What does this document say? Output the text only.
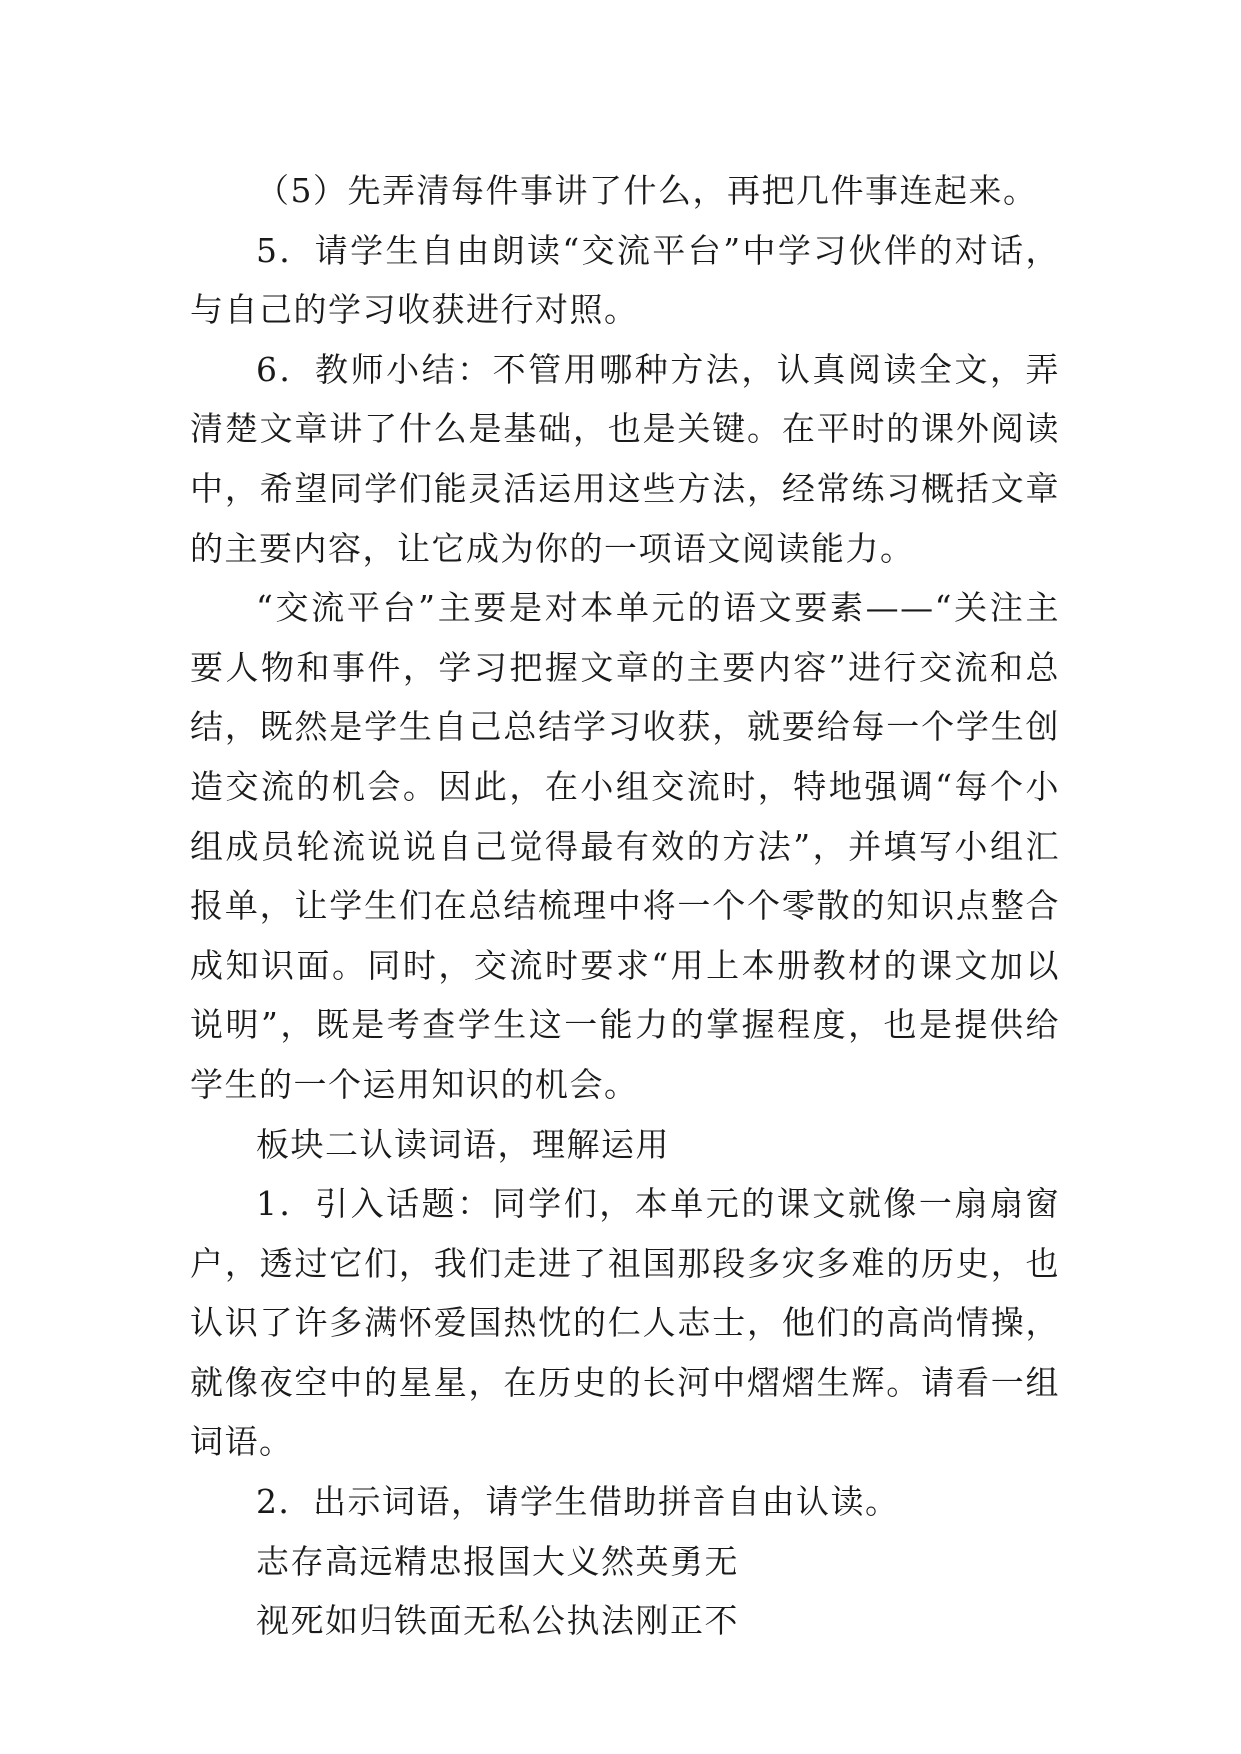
（5）先弄清每件事讲了什么，再把几件事连起来。

5．请学生自由朗读“交流平台”中学习伙伴的对话，与自己的学习收获进行对照。

6．教师小结：不管用哪种方法，认真阅读全文，弄清楚文章讲了什么是基础，也是关键。在平时的课外阅读中，希望同学们能灵活运用这些方法，经常练习概括文章的主要内容，让它成为你的一项语文阅读能力。

“交流平台”主要是对本单元的语文要素——“关注主要人物和事件，学习把握文章的主要内容”进行交流和总结，既然是学生自己总结学习收获，就要给每一个学生创造交流的机会。因此，在小组交流时，特地强调“每个小组成员轮流说说自己觉得最有效的方法”，并填写小组汇报单，让学生们在总结梳理中将一个个零散的知识点整合成知识面。同时，交流时要求“用上本册教材的课文加以说明”，既是考查学生这一能力的掌握程度，也是提供给学生的一个运用知识的机会。

板块二认读词语，理解运用

1．引入话题：同学们，本单元的课文就像一扇扇窗户，透过它们，我们走进了祖国那段多灾多难的历史，也认识了许多满怀爱国热忱的仁人志士，他们的高尚情操，就像夜空中的星星，在历史的长河中熠熠生辉。请看一组词语。

2．出示词语，请学生借助拼音自由认读。

志存高远精忠报国大义然英勇无

视死如归铁面无私公执法刚正不
